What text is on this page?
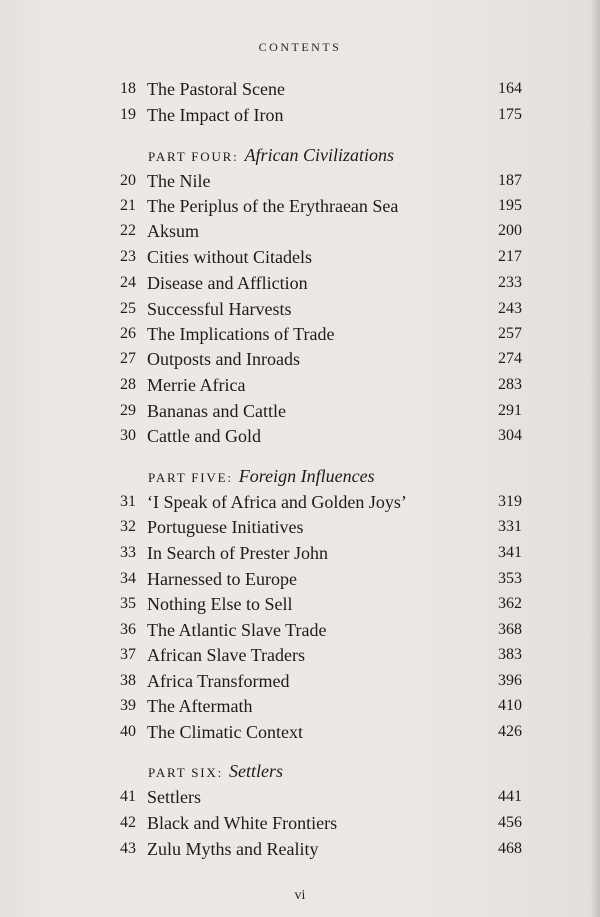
CONTENTS
18 The Pastoral Scene	164
19 The Impact of Iron	175
PART FOUR: African Civilizations
20 The Nile	187
21 The Periplus of the Erythraean Sea	195
22 Aksum	200
23 Cities without Citadels	217
24 Disease and Affliction	233
25 Successful Harvests	243
26 The Implications of Trade	257
27 Outposts and Inroads	274
28 Merrie Africa	283
29 Bananas and Cattle	291
30 Cattle and Gold	304
PART FIVE: Foreign Influences
31 ‘I Speak of Africa and Golden Joys’	319
32 Portuguese Initiatives	331
33 In Search of Prester John	341
34 Harnessed to Europe	353
35 Nothing Else to Sell	362
36 The Atlantic Slave Trade	368
37 African Slave Traders	383
38 Africa Transformed	396
39 The Aftermath	410
40 The Climatic Context	426
PART SIX: Settlers
41 Settlers	441
42 Black and White Frontiers	456
43 Zulu Myths and Reality	468
vi
